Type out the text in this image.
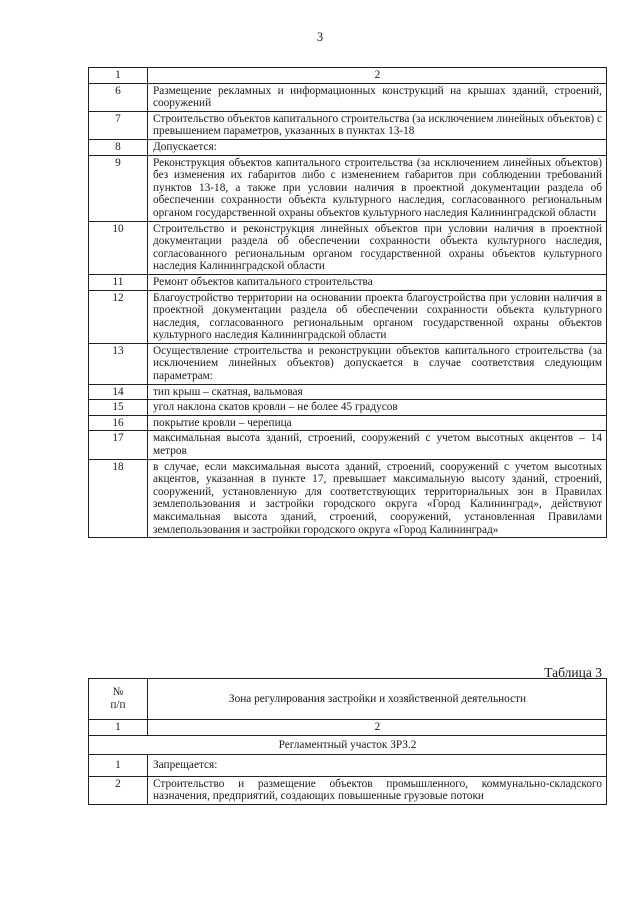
3
1	2
6	Размещение рекламных и информационных конструкций на крышах зданий, строений, сооружений
7	Строительство объектов капитального строительства (за исключением линейных объектов) с превышением параметров, указанных в пунктах 13-18
8	Допускается:
9	Реконструкция объектов капитального строительства (за исключением линейных объектов) без изменения их габаритов либо с изменением габаритов при соблюдении требований пунктов 13-18, а также при условии наличия в проектной документации раздела об обеспечении сохранности объекта культурного наследия, согласованного региональным органом государственной охраны объектов культурного наследия Калининградской области
10	Строительство и реконструкция линейных объектов при условии наличия в проектной документации раздела об обеспечении сохранности объекта культурного наследия, согласованного региональным органом государственной охраны объектов культурного наследия Калининградской области
11	Ремонт объектов капитального строительства
12	Благоустройство территории на основании проекта благоустройства при условии наличия в проектной документации раздела об обеспечении сохранности объекта культурного наследия, согласованного региональным органом государственной охраны объектов культурного наследия Калининградской области
13	Осуществление строительства и реконструкции объектов капитального строительства (за исключением линейных объектов) допускается в случае соответствия следующим параметрам:
14	тип крыш – скатная, вальмовая
15	угол наклона скатов кровли – не более 45 градусов
16	покрытие кровли – черепица
17	максимальная высота зданий, строений, сооружений с учетом высотных акцентов – 14 метров
18	в случае, если максимальная высота зданий, строений, сооружений с учетом высотных акцентов, указанная в пункте 17, превышает максимальную высоту зданий, строений, сооружений, установленную для соответствующих территориальных зон в Правилах землепользования и застройки городского округа «Город Калининград», действуют максимальная высота зданий, строений, сооружений, установленная Правилами землепользования и застройки городского округа «Город Калининград»
Таблица 3
№
п/п	Зона регулирования застройки и хозяйственной деятельности
1	2
Регламентный участок ЗРЗ.2	
1	Запрещается:
2	Строительство и размещение объектов промышленного, коммунально-складского назначения, предприятий, создающих повышенные грузовые потоки
